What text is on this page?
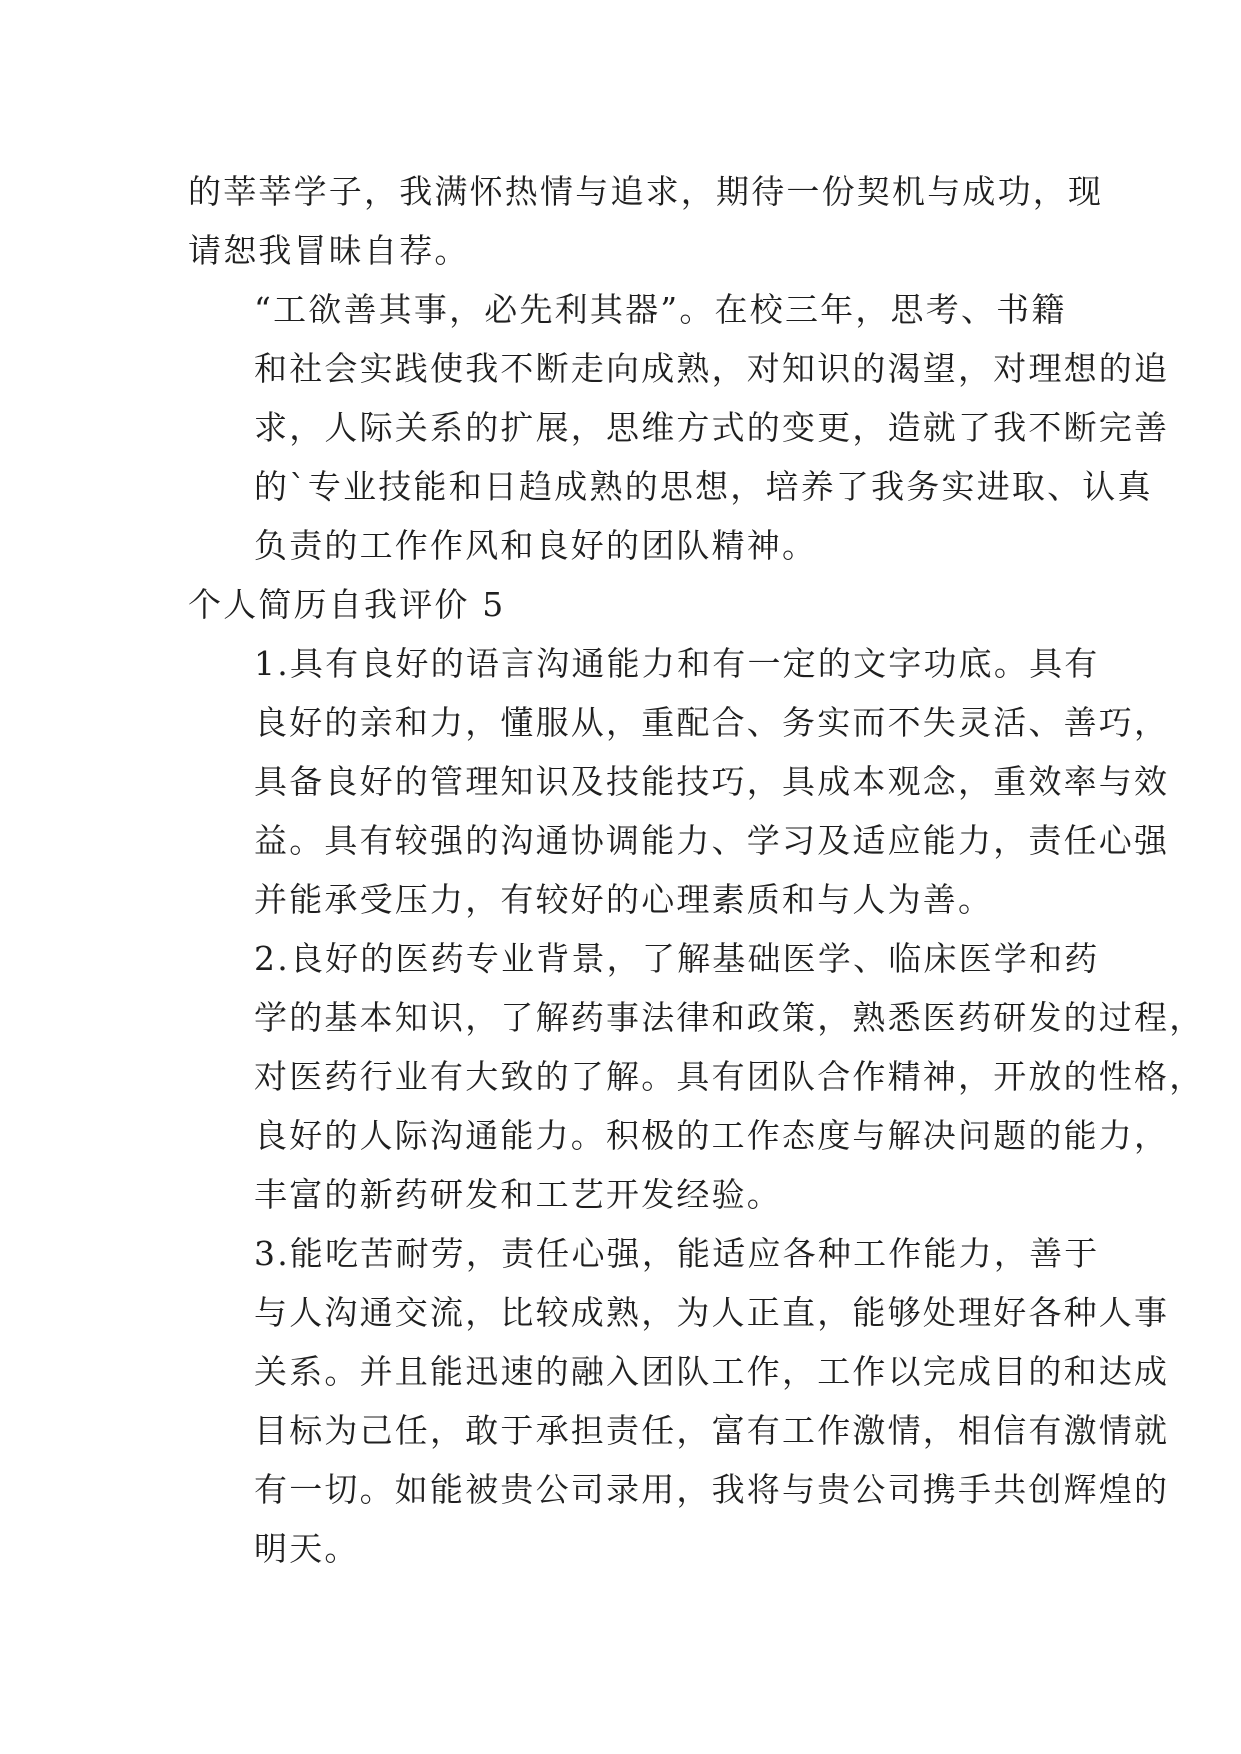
的莘莘学子，我满怀热情与追求，期待一份契机与成功，现
请恕我冒昧自荐。

“工欲善其事，必先利其器”。在校三年，思考、书籍
和社会实践使我不断走向成熟，对知识的渴望，对理想的追
求，人际关系的扩展，思维方式的变更，造就了我不断完善
的`专业技能和日趋成熟的思想，培养了我务实进取、认真
负责的工作作风和良好的团队精神。

个人简历自我评价 5

1.具有良好的语言沟通能力和有一定的文字功底。具有
良好的亲和力，懂服从，重配合、务实而不失灵活、善巧，
具备良好的管理知识及技能技巧，具成本观念，重效率与效
益。具有较强的沟通协调能力、学习及适应能力，责任心强
并能承受压力，有较好的心理素质和与人为善。

2.良好的医药专业背景，了解基础医学、临床医学和药
学的基本知识，了解药事法律和政策，熟悉医药研发的过程，
对医药行业有大致的了解。具有团队合作精神，开放的性格，
良好的人际沟通能力。积极的工作态度与解决问题的能力，
丰富的新药研发和工艺开发经验。

3.能吃苦耐劳，责任心强，能适应各种工作能力，善于
与人沟通交流，比较成熟，为人正直，能够处理好各种人事
关系。并且能迅速的融入团队工作，工作以完成目的和达成
目标为己任，敢于承担责任，富有工作激情，相信有激情就
有一切。如能被贵公司录用，我将与贵公司携手共创辉煌的
明天。
